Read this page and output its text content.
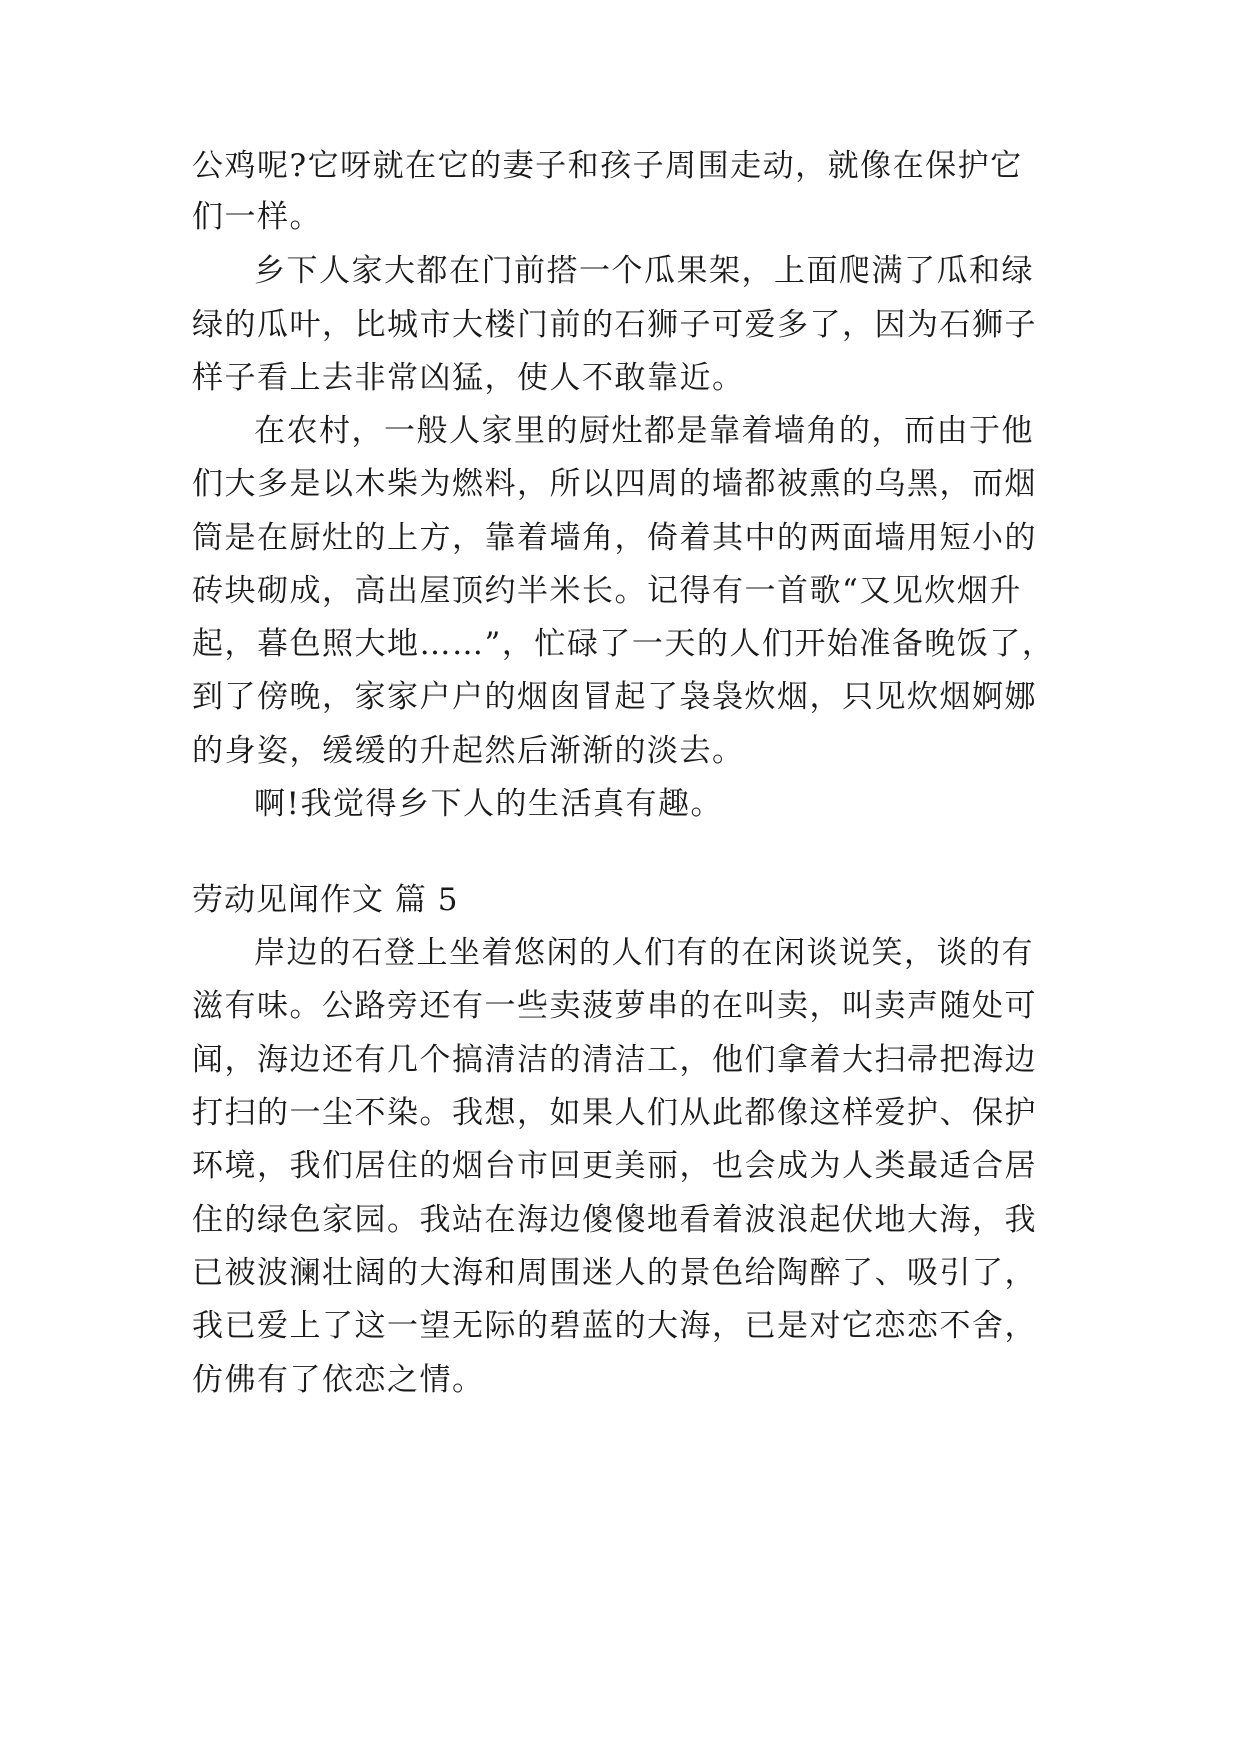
公鸡呢?它呀就在它的妻子和孩子周围走动，就像在保护它
们一样。
乡下人家大都在门前搭一个瓜果架，上面爬满了瓜和绿
绿的瓜叶，比城市大楼门前的石狮子可爱多了，因为石狮子
样子看上去非常凶猛，使人不敢靠近。
在农村，一般人家里的厨灶都是靠着墙角的，而由于他
们大多是以木柴为燃料，所以四周的墙都被熏的乌黑，而烟
筒是在厨灶的上方，靠着墙角，倚着其中的两面墙用短小的
砖块砌成，高出屋顶约半米长。记得有一首歌“又见炊烟升
起，暮色照大地……”，忙碌了一天的人们开始准备晚饭了，
到了傍晚，家家户户的烟囱冒起了袅袅炊烟，只见炊烟婀娜
的身姿，缓缓的升起然后渐渐的淡去。
啊!我觉得乡下人的生活真有趣。
劳动见闻作文 篇 5
岸边的石登上坐着悠闲的人们有的在闲谈说笑，谈的有
滋有味。公路旁还有一些卖菠萝串的在叫卖，叫卖声随处可
闻，海边还有几个搞清洁的清洁工，他们拿着大扫帚把海边
打扫的一尘不染。我想，如果人们从此都像这样爱护、保护
环境，我们居住的烟台市回更美丽，也会成为人类最适合居
住的绿色家园。我站在海边傻傻地看着波浪起伏地大海，我
已被波澜壮阔的大海和周围迷人的景色给陶醉了、吸引了，
我已爱上了这一望无际的碧蓝的大海，已是对它恋恋不舍，
仿佛有了依恋之情。
